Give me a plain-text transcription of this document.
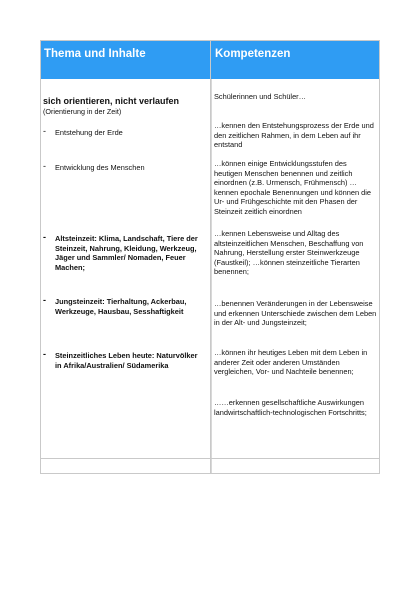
Thema und Inhalte	Kompetenzen
sich orientieren, nicht verlaufen
(Orientierung in der Zeit)
- Entstehung der Erde
- Entwicklung des Menschen
- Altsteinzeit: Klima, Landschaft, Tiere der Steinzeit, Nahrung, Kleidung, Werkzeug, Jäger und Sammler/ Nomaden, Feuer Machen;
- Jungsteinzeit: Tierhaltung, Ackerbau, Werkzeuge, Hausbau, Sesshaftigkeit
- Steinzeitliches Leben heute: Naturvölker in Afrika/Australien/ Südamerika
Schülerinnen und Schüler…
…kennen den Entstehungsprozess der Erde und den zeitlichen Rahmen, in dem Leben auf ihr entstand
…können einige Entwicklungsstufen des heutigen Menschen benennen und zeitlich einordnen (z.B. Urmensch, Frühmensch) …kennen epochale Benennungen und können die Ur- und Frühgeschichte mit den Phasen der Steinzeit zeitlich einordnen
…kennen Lebensweise und Alltag des altsteinzeitlichen Menschen, Beschaffung von Nahrung, Herstellung erster Steinwerkzeuge (Faustkeil); …können steinzeitliche Tierarten benennen;
…benennen Veränderungen in der Lebensweise und erkennen Unterschiede zwischen dem Leben in der Alt- und Jungsteinzeit;
…können ihr heutiges Leben mit dem Leben in anderer Zeit oder anderen Umständen vergleichen, Vor- und Nachteile benennen;
……erkennen gesellschaftliche Auswirkungen landwirtschaftlich-technologischen Fortschritts;
